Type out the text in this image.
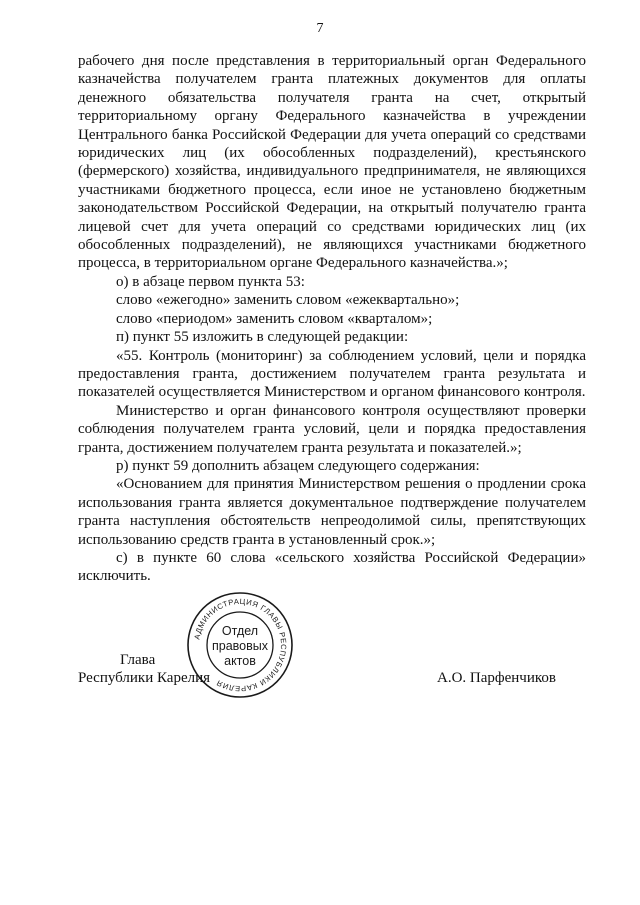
7

рабочего дня после представления в территориальный орган Федерального казначейства получателем гранта платежных документов для оплаты денежного обязательства получателя гранта на счет, открытый территориальному органу Федерального казначейства в учреждении Центрального банка Российской Федерации для учета операций со средствами юридических лиц (их обособленных подразделений), крестьянского (фермерского) хозяйства, индивидуального предпринимателя, не являющихся участниками бюджетного процесса, если иное не установлено бюджетным законодательством Российской Федерации, на открытый получателю гранта лицевой счет для учета операций со средствами юридических лиц (их обособленных подразделений), не являющихся участниками бюджетного процесса, в территориальном органе Федерального казначейства.»;

о) в абзаце первом пункта 53:

слово «ежегодно» заменить словом «ежеквартально»;

слово «периодом» заменить словом «кварталом»;

п) пункт 55 изложить в следующей редакции:

«55. Контроль (мониторинг) за соблюдением условий, цели и порядка предоставления гранта, достижением получателем гранта результата и показателей осуществляется Министерством и органом финансового контроля.

Министерство и орган финансового контроля осуществляют проверки соблюдения получателем гранта условий, цели и порядка предоставления гранта, достижением получателем гранта результата и показателей.»;

р) пункт 59 дополнить абзацем следующего содержания:

«Основанием для принятия Министерством решения о продлении срока использования гранта является документальное подтверждение получателем гранта наступления обстоятельств непреодолимой силы, препятствующих использованию средств гранта в установленный срок.»;

с) в пункте 60 слова «сельского хозяйства Российской Федерации» исключить.

Глава
Республики Карелия	А.О. Парфенчиков
АДМИНИСТРАЦИЯ ГЛАВЫ РЕСПУБЛИКИ КАРЕЛИЯ
Отдел
правовых
актов
